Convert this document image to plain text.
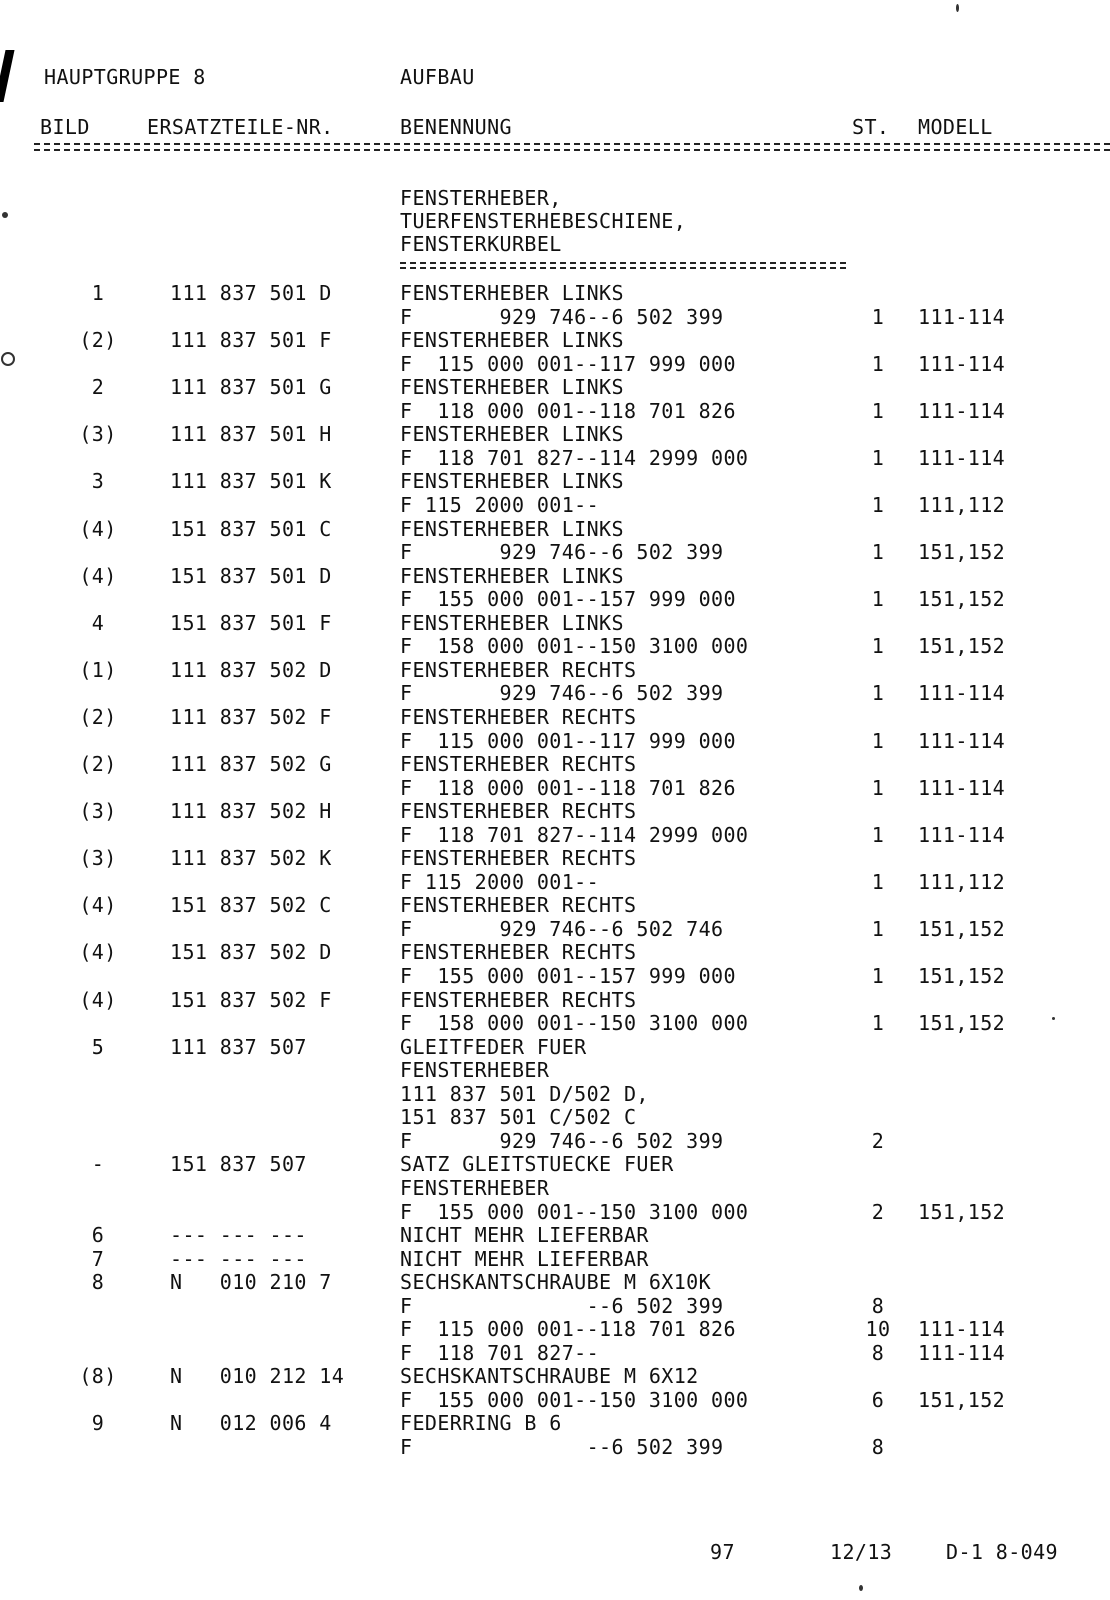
HAUPTGRUPPE 8	AUFBAU
BILD	ERSATZTEILE-NR.	BENENNUNG	ST. MODELL
FENSTERHEBER,
TUERFENSTERHEBESCHIENE,
FENSTERKURBEL
1	111 837 501 D	FENSTERHEBER LINKS
F       929 746--6 502 399	1	111-114
(2)	111 837 501 F	FENSTERHEBER LINKS
F  115 000 001--117 999 000	1	111-114
2	111 837 501 G	FENSTERHEBER LINKS
F  118 000 001--118 701 826	1	111-114
(3)	111 837 501 H	FENSTERHEBER LINKS
F  118 701 827--114 2999 000	1	111-114
3	111 837 501 K	FENSTERHEBER LINKS
F 115 2000 001--	1	111,112
(4)	151 837 501 C	FENSTERHEBER LINKS
F       929 746--6 502 399	1	151,152
(4)	151 837 501 D	FENSTERHEBER LINKS
F  155 000 001--157 999 000	1	151,152
4	151 837 501 F	FENSTERHEBER LINKS
F  158 000 001--150 3100 000	1	151,152
(1)	111 837 502 D	FENSTERHEBER RECHTS
F       929 746--6 502 399	1	111-114
(2)	111 837 502 F	FENSTERHEBER RECHTS
F  115 000 001--117 999 000	1	111-114
(2)	111 837 502 G	FENSTERHEBER RECHTS
F  118 000 001--118 701 826	1	111-114
(3)	111 837 502 H	FENSTERHEBER RECHTS
F  118 701 827--114 2999 000	1	111-114
(3)	111 837 502 K	FENSTERHEBER RECHTS
F 115 2000 001--	1	111,112
(4)	151 837 502 C	FENSTERHEBER RECHTS
F       929 746--6 502 746	1	151,152
(4)	151 837 502 D	FENSTERHEBER RECHTS
F  155 000 001--157 999 000	1	151,152
(4)	151 837 502 F	FENSTERHEBER RECHTS
F  158 000 001--150 3100 000	1	151,152
5	111 837 507	GLEITFEDER FUER
FENSTERHEBER
111 837 501 D/502 D,
151 837 501 C/502 C
F       929 746--6 502 399	2
-	151 837 507	SATZ GLEITSTUECKE FUER
FENSTERHEBER
F  155 000 001--150 3100 000	2	151,152
6	--- --- ---	NICHT MEHR LIEFERBAR
7	--- --- ---	NICHT MEHR LIEFERBAR
8	N   010 210 7	SECHSKANTSCHRAUBE M 6X10K
F              --6 502 399	8
F  115 000 001--118 701 826	10	111-114
F  118 701 827--	8	111-114
(8)	N   010 212 14	SECHSKANTSCHRAUBE M 6X12
F  155 000 001--150 3100 000	6	151,152
9	N   012 006 4	FEDERRING B 6
F              --6 502 399	8
97	12/13	D-1 8-049
